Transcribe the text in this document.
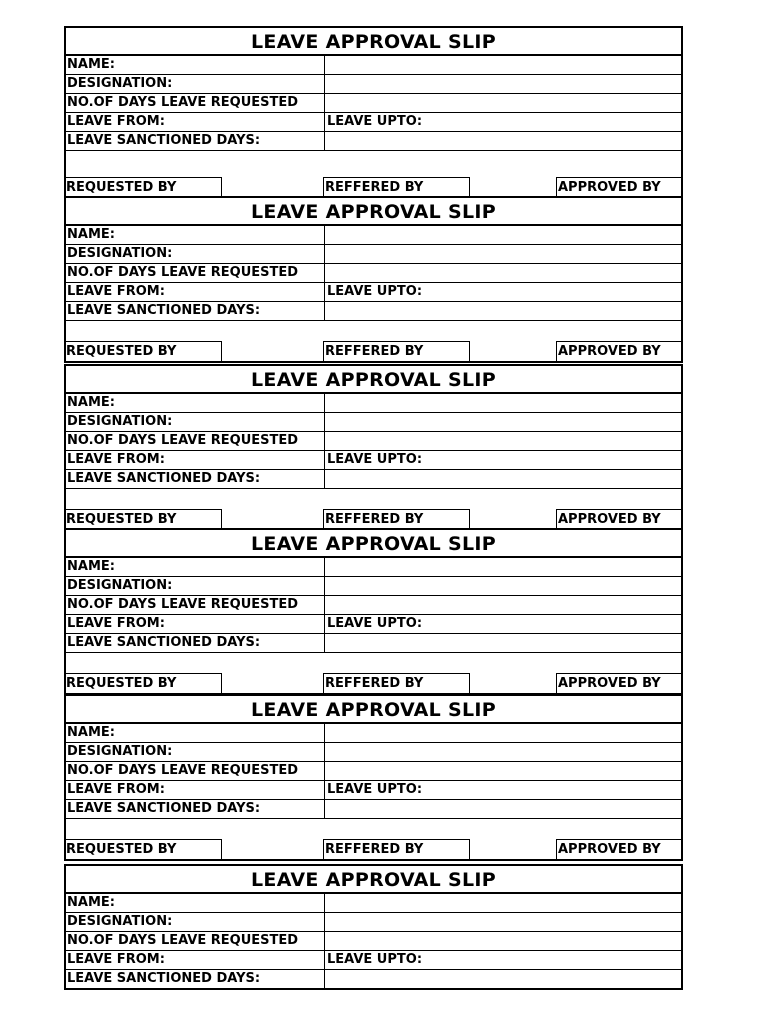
LEAVE APPROVAL SLIP
NAME:
DESIGNATION:
NO.OF DAYS LEAVE REQUESTED
LEAVE FROM:	LEAVE UPTO:
LEAVE SANCTIONED DAYS:
REQUESTED BY	REFFERED BY	APPROVED BY
LEAVE APPROVAL SLIP
NAME:
DESIGNATION:
NO.OF DAYS LEAVE REQUESTED
LEAVE FROM:	LEAVE UPTO:
LEAVE SANCTIONED DAYS:
REQUESTED BY	REFFERED BY	APPROVED BY
LEAVE APPROVAL SLIP
NAME:
DESIGNATION:
NO.OF DAYS LEAVE REQUESTED
LEAVE FROM:	LEAVE UPTO:
LEAVE SANCTIONED DAYS:
REQUESTED BY	REFFERED BY	APPROVED BY
LEAVE APPROVAL SLIP
NAME:
DESIGNATION:
NO.OF DAYS LEAVE REQUESTED
LEAVE FROM:	LEAVE UPTO:
LEAVE SANCTIONED DAYS:
REQUESTED BY	REFFERED BY	APPROVED BY
LEAVE APPROVAL SLIP
NAME:
DESIGNATION:
NO.OF DAYS LEAVE REQUESTED
LEAVE FROM:	LEAVE UPTO:
LEAVE SANCTIONED DAYS:
REQUESTED BY	REFFERED BY	APPROVED BY
LEAVE APPROVAL SLIP
NAME:
DESIGNATION:
NO.OF DAYS LEAVE REQUESTED
LEAVE FROM:	LEAVE UPTO:
LEAVE SANCTIONED DAYS:
